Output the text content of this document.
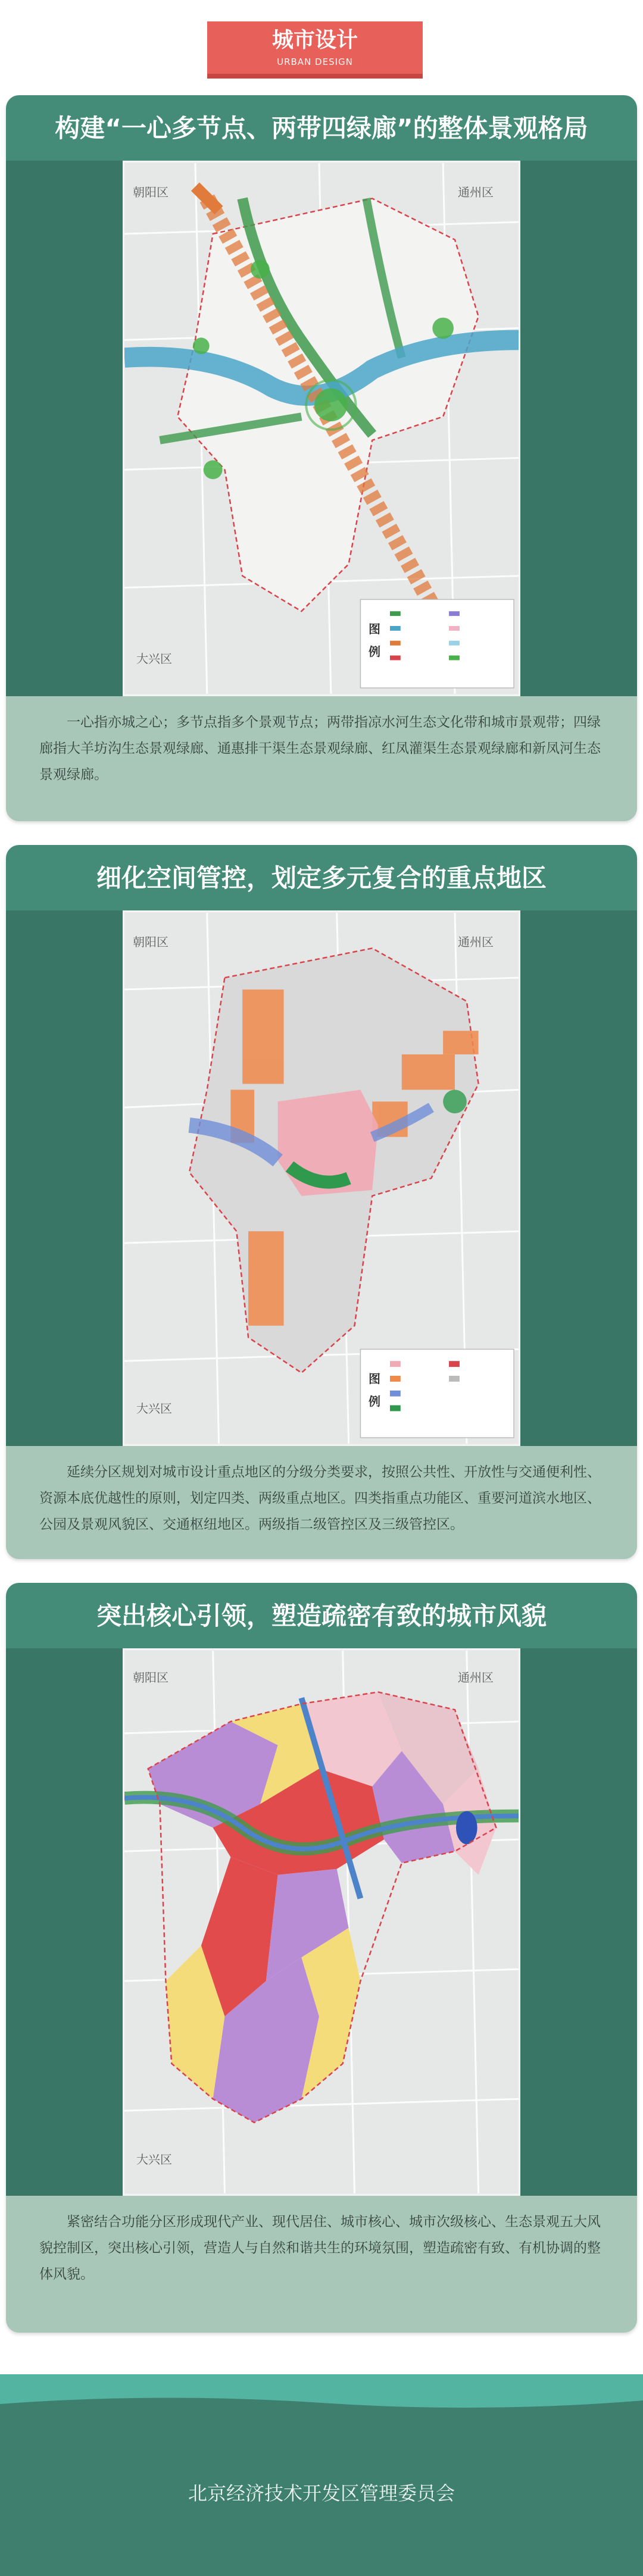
城市设计
URBAN DESIGN
构建“一心多节点、两带四绿廊”的整体景观格局
朝阳区	通州区
大兴区
图例
一心指亦城之心；多节点指多个景观节点；两带指凉水河生态文化带和城市景观带；四绿廊指大羊坊沟生态景观绿廊、通惠排干渠生态景观绿廊、红凤灌渠生态景观绿廊和新凤河生态景观绿廊。
细化空间管控，划定多元复合的重点地区
朝阳区	通州区
大兴区
图例
延续分区规划对城市设计重点地区的分级分类要求，按照公共性、开放性与交通便利性、资源本底优越性的原则，划定四类、两级重点地区。四类指重点功能区、重要河道滨水地区、公园及景观风貌区、交通枢纽地区。两级指二级管控区及三级管控区。
突出核心引领，塑造疏密有致的城市风貌
朝阳区	通州区
大兴区
紧密结合功能分区形成现代产业、现代居住、城市核心、城市次级核心、生态景观五大风貌控制区，突出核心引领，营造人与自然和谐共生的环境氛围，塑造疏密有致、有机协调的整体风貌。
北京经济技术开发区管理委员会
